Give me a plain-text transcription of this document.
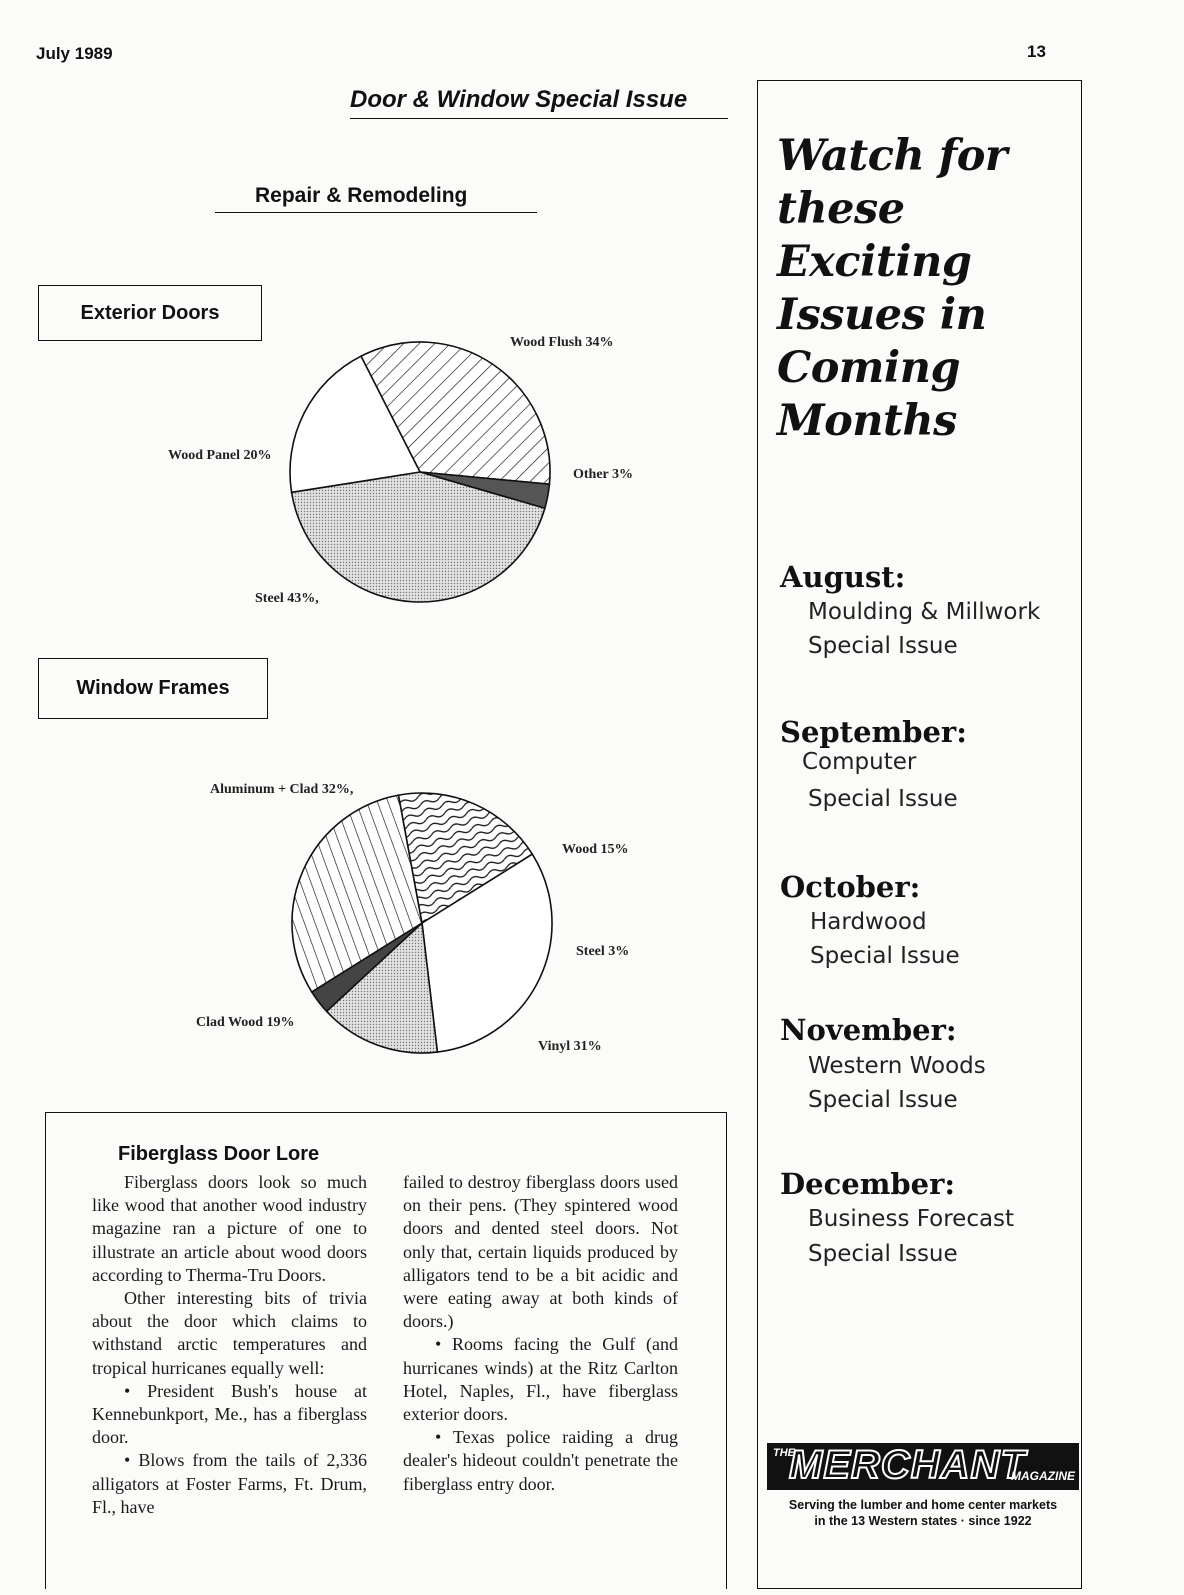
July 1989	13
Door & Window Special Issue
Repair & Remodeling
Exterior Doors
Window Frames
Wood Flush 34%
Other 3%
Steel 43%,
Wood Panel 20%
Aluminum + Clad 32%,
Wood 15%
Steel 3%
Vinyl 31%
Clad Wood 19%
Fiberglass Door Lore

Fiberglass doors look so much like wood that another wood industry magazine ran a picture of one to illustrate an article about wood doors according to Therma-Tru Doors.

Other interesting bits of trivia about the door which claims to withstand arctic temperatures and tropical hurricanes equally well:

• President Bush's house at Kennebunkport, Me., has a fiberglass door.

• Blows from the tails of 2,336 alligators at Foster Farms, Ft. Drum, Fl., have

failed to destroy fiberglass doors used on their pens. (They spintered wood doors and dented steel doors. Not only that, certain liquids produced by alligators tend to be a bit acidic and were eating away at both kinds of doors.)

• Rooms facing the Gulf (and hurricanes winds) at the Ritz Carlton Hotel, Naples, Fl., have fiberglass exterior doors.

• Texas police raiding a drug dealer's hideout couldn't penetrate the fiberglass entry door.

Watch for these Exciting Issues in Coming Months
August:
Moulding & Millwork
Special Issue
September:
Computer
Special Issue
October:
Hardwood
Special Issue
November:
Western Woods
Special Issue
December:
Business Forecast
Special Issue
THE
MERCHANT
MAGAZINE
Serving the lumber and home center markets
in the 13 Western states · since 1922
